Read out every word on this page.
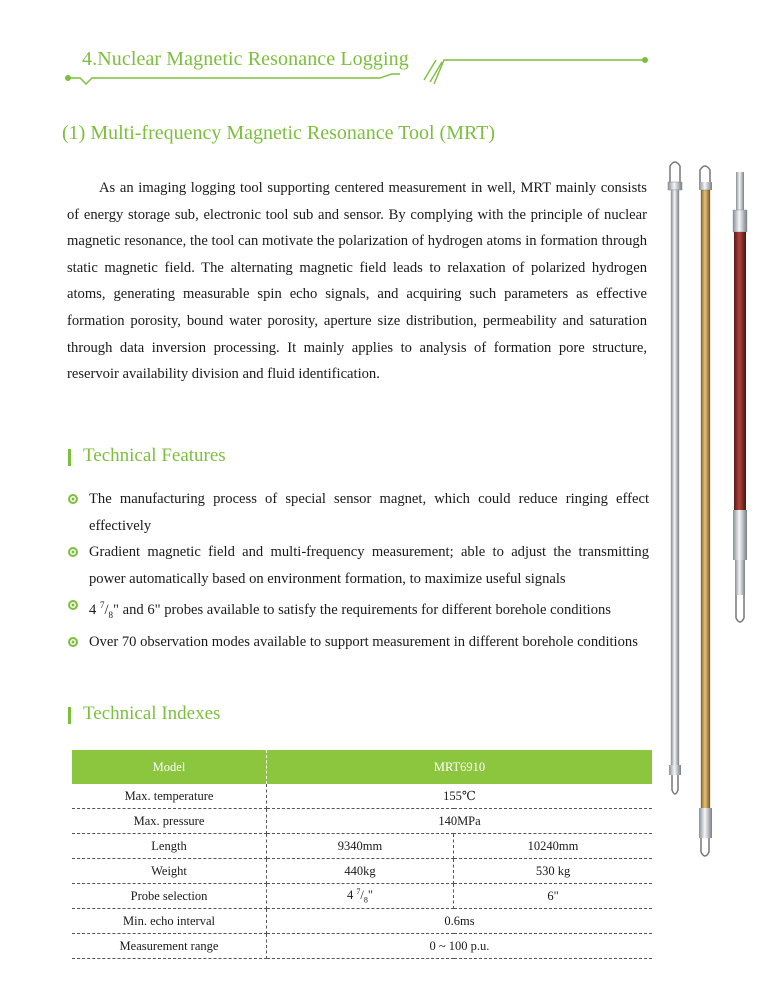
4.Nuclear Magnetic Resonance Logging
(1) Multi-frequency Magnetic Resonance Tool (MRT)

As an imaging logging tool supporting centered measurement in well, MRT mainly consists of energy storage sub, electronic tool sub and sensor. By complying with the principle of nuclear magnetic resonance, the tool can motivate the polarization of hydrogen atoms in formation through static magnetic field. The alternating magnetic field leads to relaxation of polarized hydrogen atoms, generating measurable spin echo signals, and acquiring such parameters as effective formation porosity, bound water porosity, aperture size distribution, permeability and saturation through data inversion processing. It mainly applies to analysis of formation pore structure, reservoir availability division and fluid identification.

Technical Features
The manufacturing process of special sensor magnet, which could reduce ringing effect effectively
Gradient magnetic field and multi-frequency measurement; able to adjust the transmitting power automatically based on environment formation, to maximize useful signals
4 $^7/_8$" and 6" probes available to satisfy the requirements for different borehole conditions
Over 70 observation modes available to support measurement in different borehole conditions
Technical Indexes
Model	MRT6910	
Max. temperature	155℃	
Max. pressure	140MPa	
Length	9340mm	10240mm
Weight	440kg	530 kg
Probe selection	4 $^7/_8$"	6"
Min. echo interval	0.6ms	
Measurement range	0 ~ 100 p.u.	
